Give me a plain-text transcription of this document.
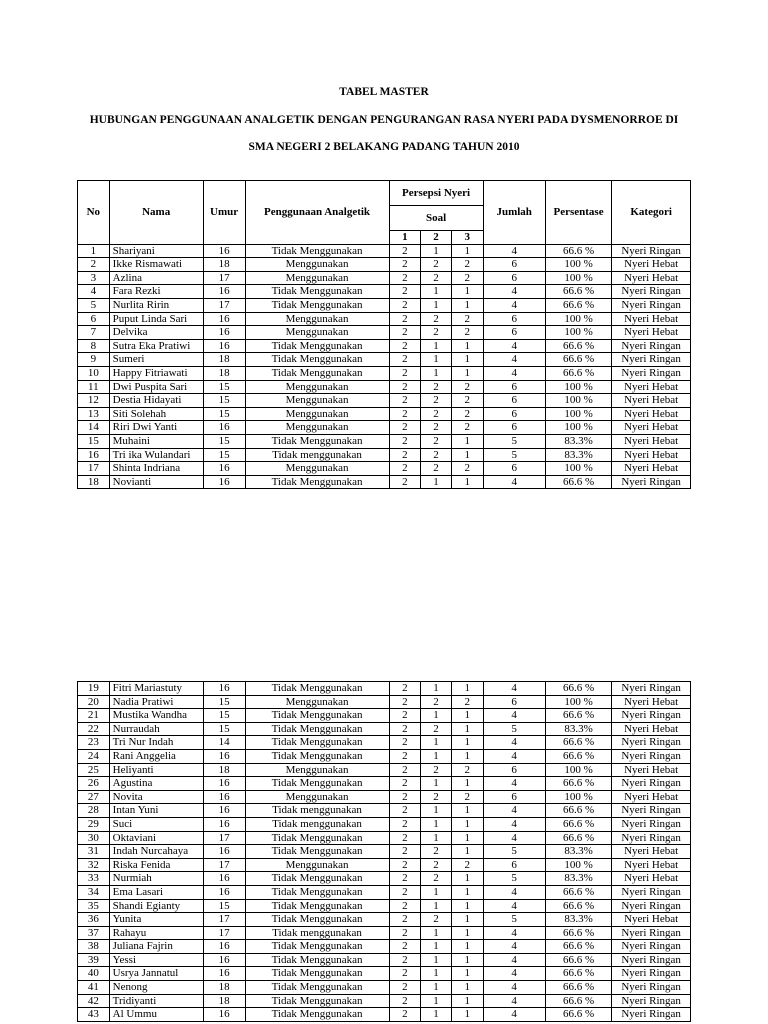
TABEL MASTER
HUBUNGAN PENGGUNAAN ANALGETIK DENGAN PENGURANGAN RASA NYERI PADA DYSMENORROE DI
SMA NEGERI 2 BELAKANG PADANG TAHUN 2010
No	Nama	Umur	Penggunaan Analgetik	Persepsi Nyeri			Jumlah	Persentase	Kategori
				Soal					
				1	2	3			
1	Shariyani	16	Tidak Menggunakan	2	1	1	4	66.6 %	Nyeri Ringan
2	Ikke Rismawati	18	Menggunakan	2	2	2	6	100 %	Nyeri Hebat
3	Azlina	17	Menggunakan	2	2	2	6	100 %	Nyeri Hebat
4	Fara Rezki	16	Tidak Menggunakan	2	1	1	4	66.6 %	Nyeri Ringan
5	Nurlita Ririn	17	Tidak Menggunakan	2	1	1	4	66.6 %	Nyeri Ringan
6	Puput Linda Sari	16	Menggunakan	2	2	2	6	100 %	Nyeri Hebat
7	Delvika	16	Menggunakan	2	2	2	6	100 %	Nyeri Hebat
8	Sutra Eka Pratiwi	16	Tidak Menggunakan	2	1	1	4	66.6 %	Nyeri Ringan
9	Sumeri	18	Tidak Menggunakan	2	1	1	4	66.6 %	Nyeri Ringan
10	Happy Fitriawati	18	Tidak Menggunakan	2	1	1	4	66.6 %	Nyeri Ringan
11	Dwi Puspita Sari	15	Menggunakan	2	2	2	6	100 %	Nyeri Hebat
12	Destia Hidayati	15	Menggunakan	2	2	2	6	100 %	Nyeri Hebat
13	Siti Solehah	15	Menggunakan	2	2	2	6	100 %	Nyeri Hebat
14	Riri Dwi Yanti	16	Menggunakan	2	2	2	6	100 %	Nyeri Hebat
15	Muhaini	15	Tidak Menggunakan	2	2	1	5	83.3%	Nyeri Hebat
16	Tri ika Wulandari	15	Tidak menggunakan	2	2	1	5	83.3%	Nyeri Hebat
17	Shinta Indriana	16	Menggunakan	2	2	2	6	100 %	Nyeri Hebat
18	Novianti	16	Tidak Menggunakan	2	1	1	4	66.6 %	Nyeri Ringan
19	Fitri Mariastuty	16	Tidak Menggunakan	2	1	1	4	66.6 %	Nyeri Ringan
20	Nadia Pratiwi	15	Menggunakan	2	2	2	6	100 %	Nyeri Hebat
21	Mustika Wandha	15	Tidak Menggunakan	2	1	1	4	66.6 %	Nyeri Ringan
22	Nurraudah	15	Tidak Menggunakan	2	2	1	5	83.3%	Nyeri Hebat
23	Tri Nur Indah	14	Tidak Menggunakan	2	1	1	4	66.6 %	Nyeri Ringan
24	Rani Anggelia	16	Tidak Menggunakan	2	1	1	4	66.6 %	Nyeri Ringan
25	Heliyanti	18	Menggunakan	2	2	2	6	100 %	Nyeri Hebat
26	Agustina	16	Tidak Menggunakan	2	1	1	4	66.6 %	Nyeri Ringan
27	Novita	16	Menggunakan	2	2	2	6	100 %	Nyeri Hebat
28	Intan Yuni	16	Tidak menggunakan	2	1	1	4	66.6 %	Nyeri Ringan
29	Suci	16	Tidak menggunakan	2	1	1	4	66.6 %	Nyeri Ringan
30	Oktaviani	17	Tidak Menggunakan	2	1	1	4	66.6 %	Nyeri Ringan
31	Indah Nurcahaya	16	Tidak Menggunakan	2	2	1	5	83.3%	Nyeri Hebat
32	Riska Fenida	17	Menggunakan	2	2	2	6	100 %	Nyeri Hebat
33	Nurmiah	16	Tidak Menggunakan	2	2	1	5	83.3%	Nyeri Hebat
34	Ema Lasari	16	Tidak Menggunakan	2	1	1	4	66.6 %	Nyeri Ringan
35	Shandi Egianty	15	Tidak Menggunakan	2	1	1	4	66.6 %	Nyeri Ringan
36	Yunita	17	Tidak Menggunakan	2	2	1	5	83.3%	Nyeri Hebat
37	Rahayu	17	Tidak menggunakan	2	1	1	4	66.6 %	Nyeri Ringan
38	Juliana Fajrin	16	Tidak Menggunakan	2	1	1	4	66.6 %	Nyeri Ringan
39	Yessi	16	Tidak Menggunakan	2	1	1	4	66.6 %	Nyeri Ringan
40	Usrya Jannatul	16	Tidak Menggunakan	2	1	1	4	66.6 %	Nyeri Ringan
41	Nenong	18	Tidak Menggunakan	2	1	1	4	66.6 %	Nyeri Ringan
42	Tridiyanti	18	Tidak Menggunakan	2	1	1	4	66.6 %	Nyeri Ringan
43	Al Ummu	16	Tidak Menggunakan	2	1	1	4	66.6 %	Nyeri Ringan
